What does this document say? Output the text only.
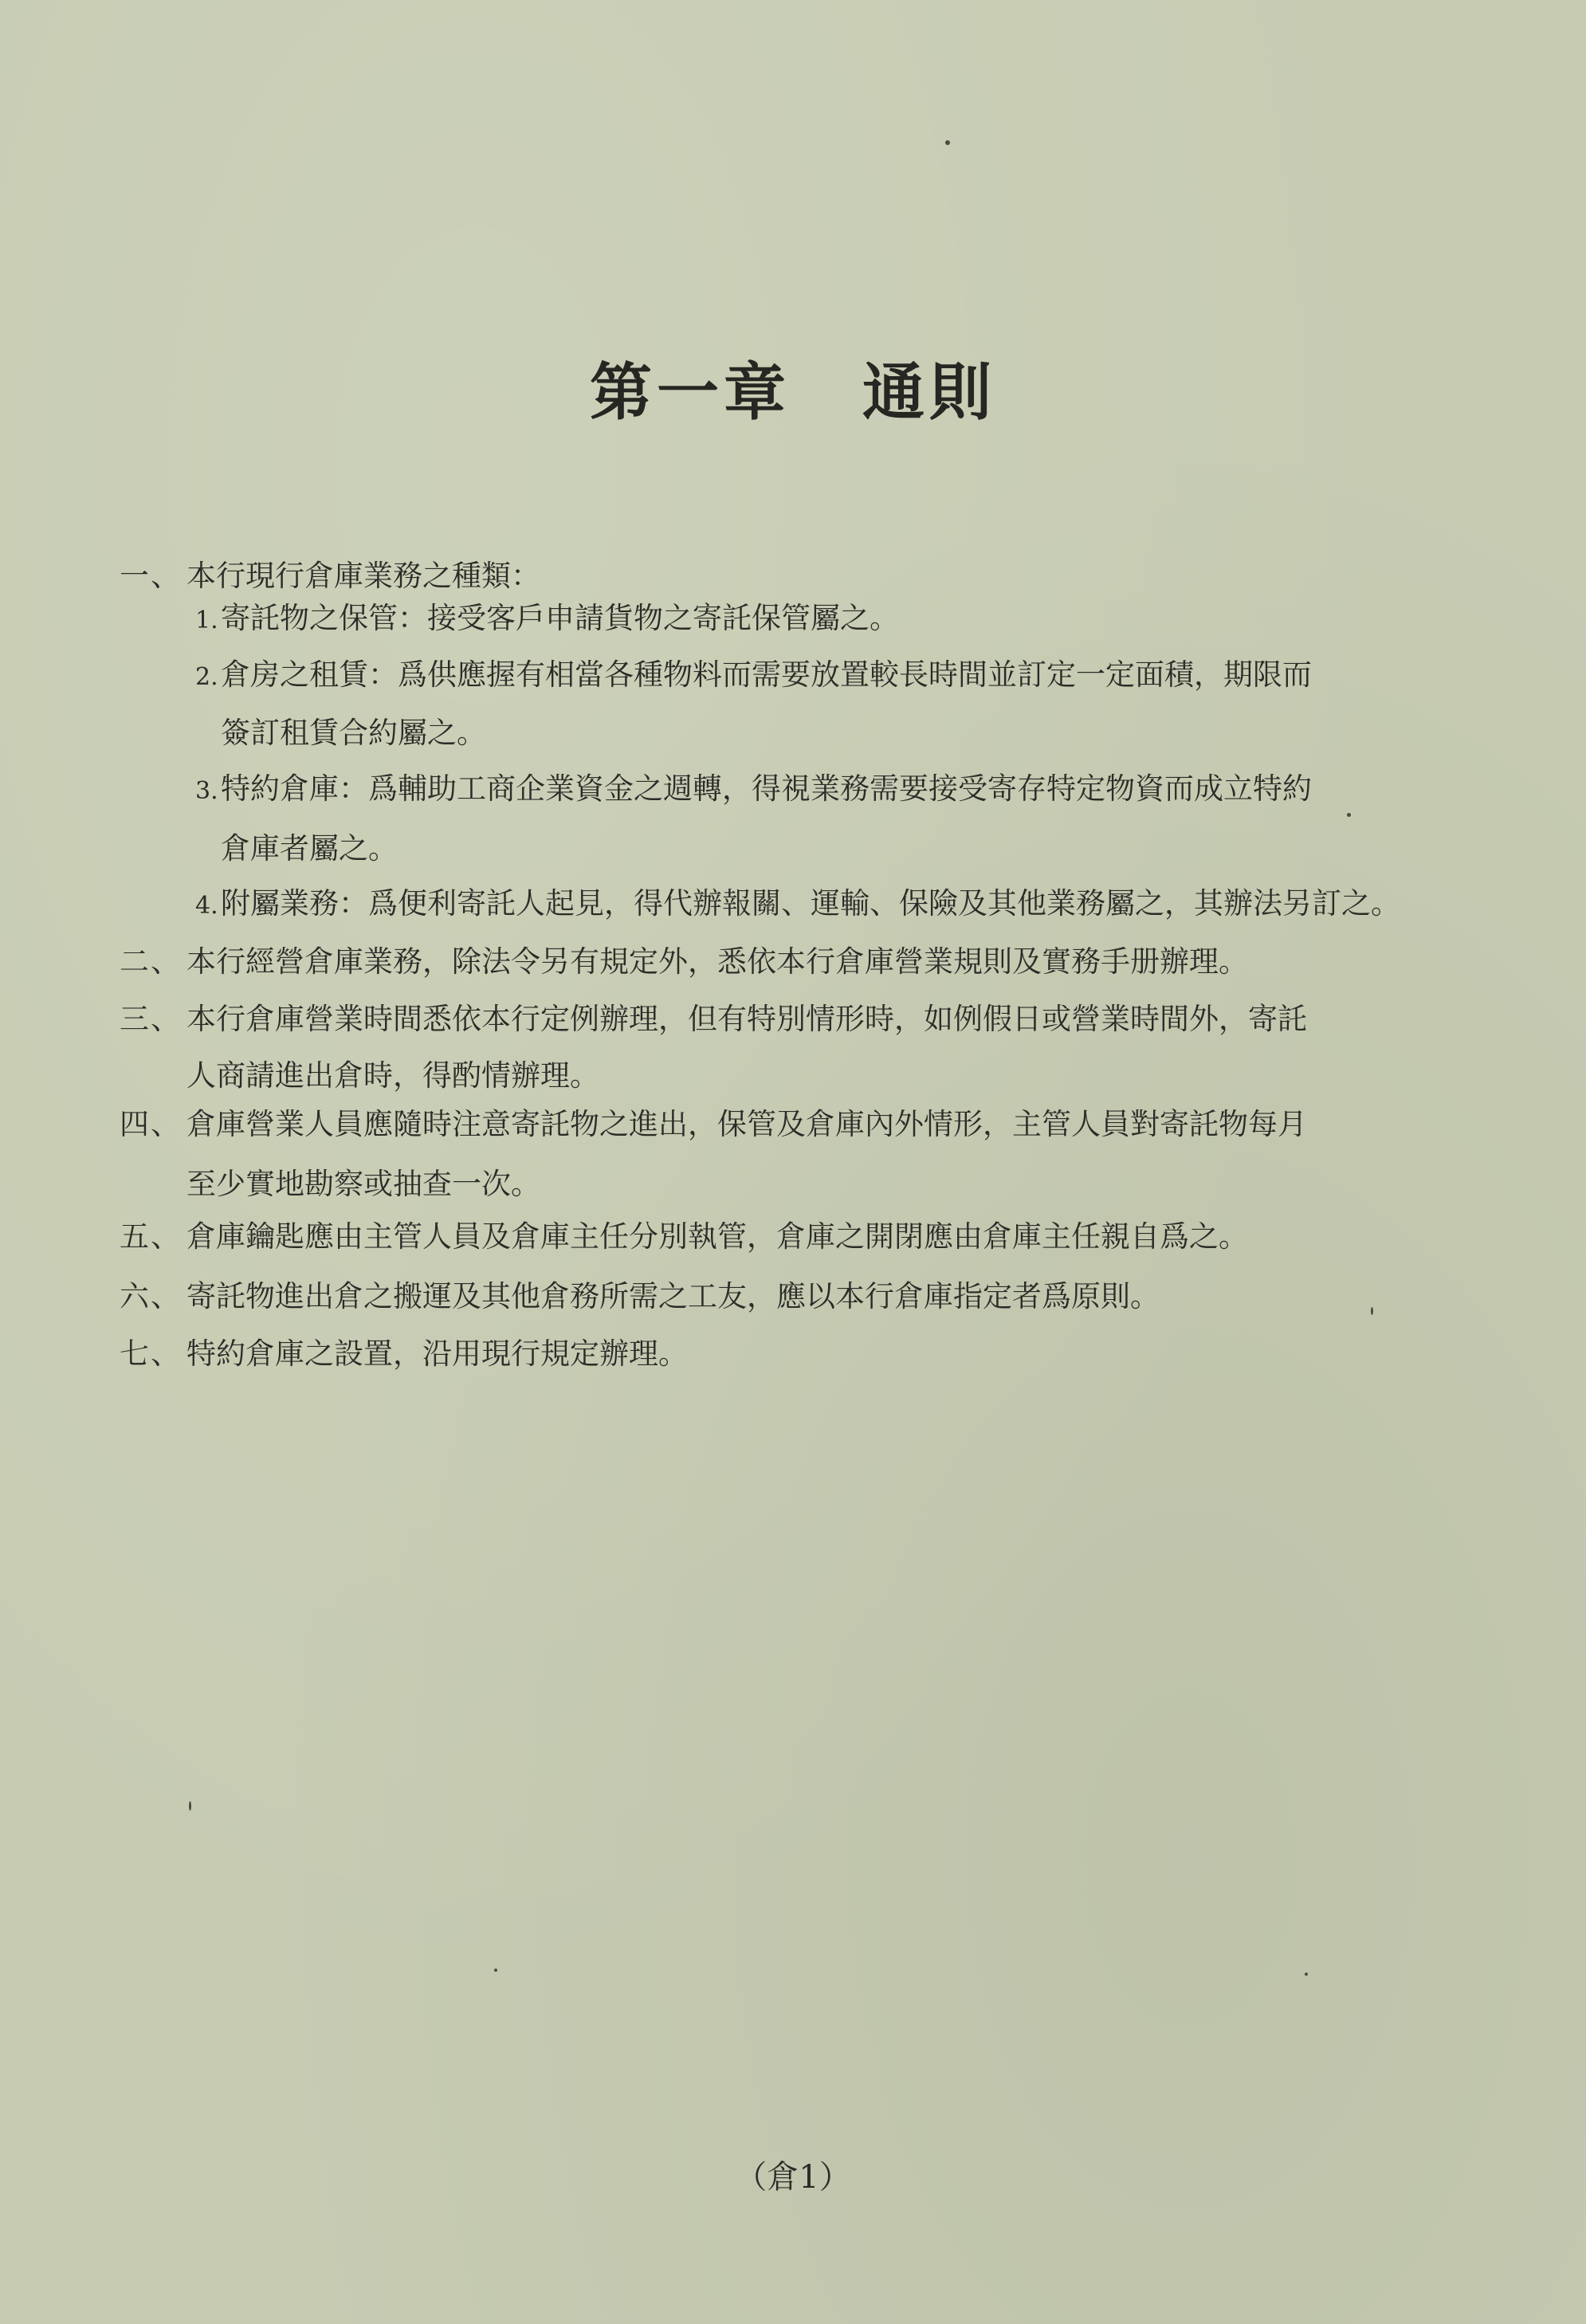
第一章 通則
一、 本行現行倉庫業務之種類：
1.寄託物之保管：接受客戶申請貨物之寄託保管屬之。
2.倉房之租賃：爲供應握有相當各種物料而需要放置較長時間並訂定一定面積，期限而
簽訂租賃合約屬之。
3.特約倉庫：爲輔助工商企業資金之週轉，得視業務需要接受寄存特定物資而成立特約
倉庫者屬之。
4.附屬業務：爲便利寄託人起見，得代辦報關、運輸、保險及其他業務屬之，其辦法另訂之。
二、 本行經營倉庫業務，除法令另有規定外，悉依本行倉庫營業規則及實務手册辦理。
三、 本行倉庫營業時間悉依本行定例辦理，但有特別情形時，如例假日或營業時間外，寄託
人商請進出倉時，得酌情辦理。
四、 倉庫營業人員應隨時注意寄託物之進出，保管及倉庫內外情形，主管人員對寄託物每月
至少實地勘察或抽查一次。
五、 倉庫鑰匙應由主管人員及倉庫主任分別執管，倉庫之開閉應由倉庫主任親自爲之。
六、 寄託物進出倉之搬運及其他倉務所需之工友，應以本行倉庫指定者爲原則。
七、 特約倉庫之設置，沿用現行規定辦理。
（倉1）
